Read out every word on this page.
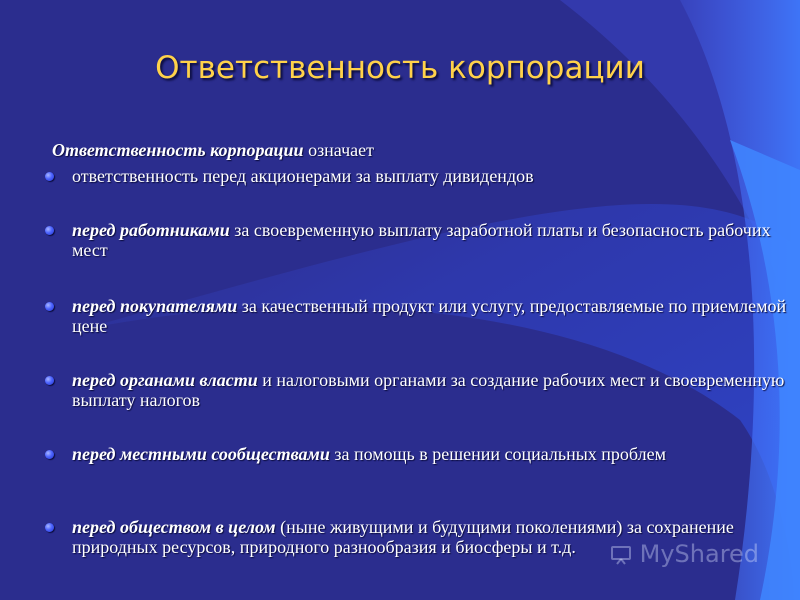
Ответственность корпорации
Ответственность корпорации означает
ответственность перед акционерами за выплату дивидендов
перед работниками за своевременную выплату заработной платы и безопасность рабочих мест
перед покупателями за качественный продукт или услугу, предоставляемые по приемлемой цене
перед органами власти и налоговыми органами за создание рабочих мест и своевременную выплату налогов
перед местными сообществами за помощь в решении социальных проблем
перед обществом в целом (ныне живущими и будущими поколениями) за сохранение природных ресурсов, природного разнообразия и биосферы и т.д.	MyShared
